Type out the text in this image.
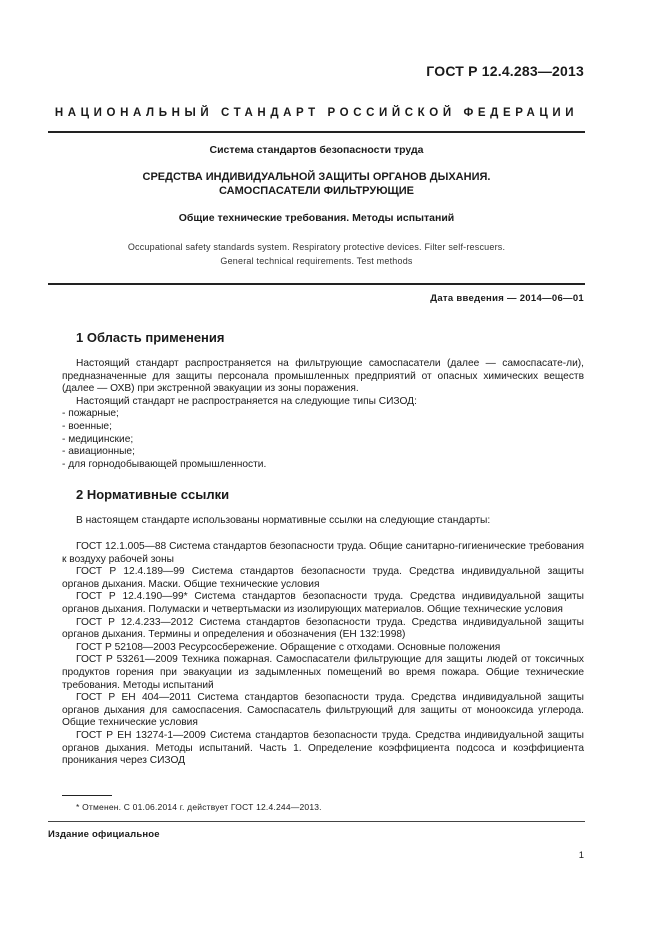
ГОСТ Р 12.4.283—2013
НАЦИОНАЛЬНЫЙ СТАНДАРТ РОССИЙСКОЙ ФЕДЕРАЦИИ
Система стандартов безопасности труда
СРЕДСТВА ИНДИВИДУАЛЬНОЙ ЗАЩИТЫ ОРГАНОВ ДЫХАНИЯ.
САМОСПАСАТЕЛИ ФИЛЬТРУЮЩИЕ
Общие технические требования. Методы испытаний
Occupational safety standards system. Respiratory protective devices. Filter self-rescuers.
General technical requirements. Test methods
Дата введения — 2014—06—01
1 Область применения

Настоящий стандарт распространяется на фильтрующие самоспасатели (далее — самоспасате-ли), предназначенные для защиты персонала промышленных предприятий от опасных химических веществ (далее — ОХВ) при экстренной эвакуации из зоны поражения.

Настоящий стандарт не распространяется на следующие типы СИЗОД:

- пожарные;

- военные;

- медицинские;

- авиационные;

- для горнодобывающей промышленности.

2 Нормативные ссылки

В настоящем стандарте использованы нормативные ссылки на следующие стандарты:

ГОСТ 12.1.005—88 Система стандартов безопасности труда. Общие санитарно-гигиенические требования к воздуху рабочей зоны

ГОСТ Р 12.4.189—99 Система стандартов безопасности труда. Средства индивидуальной защиты органов дыхания. Маски. Общие технические условия

ГОСТ Р 12.4.190—99* Система стандартов безопасности труда. Средства индивидуальной защиты органов дыхания. Полумаски и четвертьмаски из изолирующих материалов. Общие технические условия

ГОСТ Р 12.4.233—2012 Система стандартов безопасности труда. Средства индивидуальной защиты органов дыхания. Термины и определения и обозначения (ЕН 132:1998)

ГОСТ Р 52108—2003 Ресурсосбережение. Обращение с отходами. Основные положения

ГОСТ Р 53261—2009 Техника пожарная. Самоспасатели фильтрующие для защиты людей от токсичных продуктов горения при эвакуации из задымленных помещений во время пожара. Общие технические требования. Методы испытаний

ГОСТ Р ЕН 404—2011 Система стандартов безопасности труда. Средства индивидуальной защиты органов дыхания для самоспасения. Самоспасатель фильтрующий для защиты от монооксида углерода. Общие технические условия

ГОСТ Р ЕН 13274-1—2009 Система стандартов безопасности труда. Средства индивидуальной защиты органов дыхания. Методы испытаний. Часть 1. Определение коэффициента подсоса и коэффициента проникания через СИЗОД

* Отменен. С 01.06.2014 г. действует ГОСТ 12.4.244—2013.
Издание официальное
1
